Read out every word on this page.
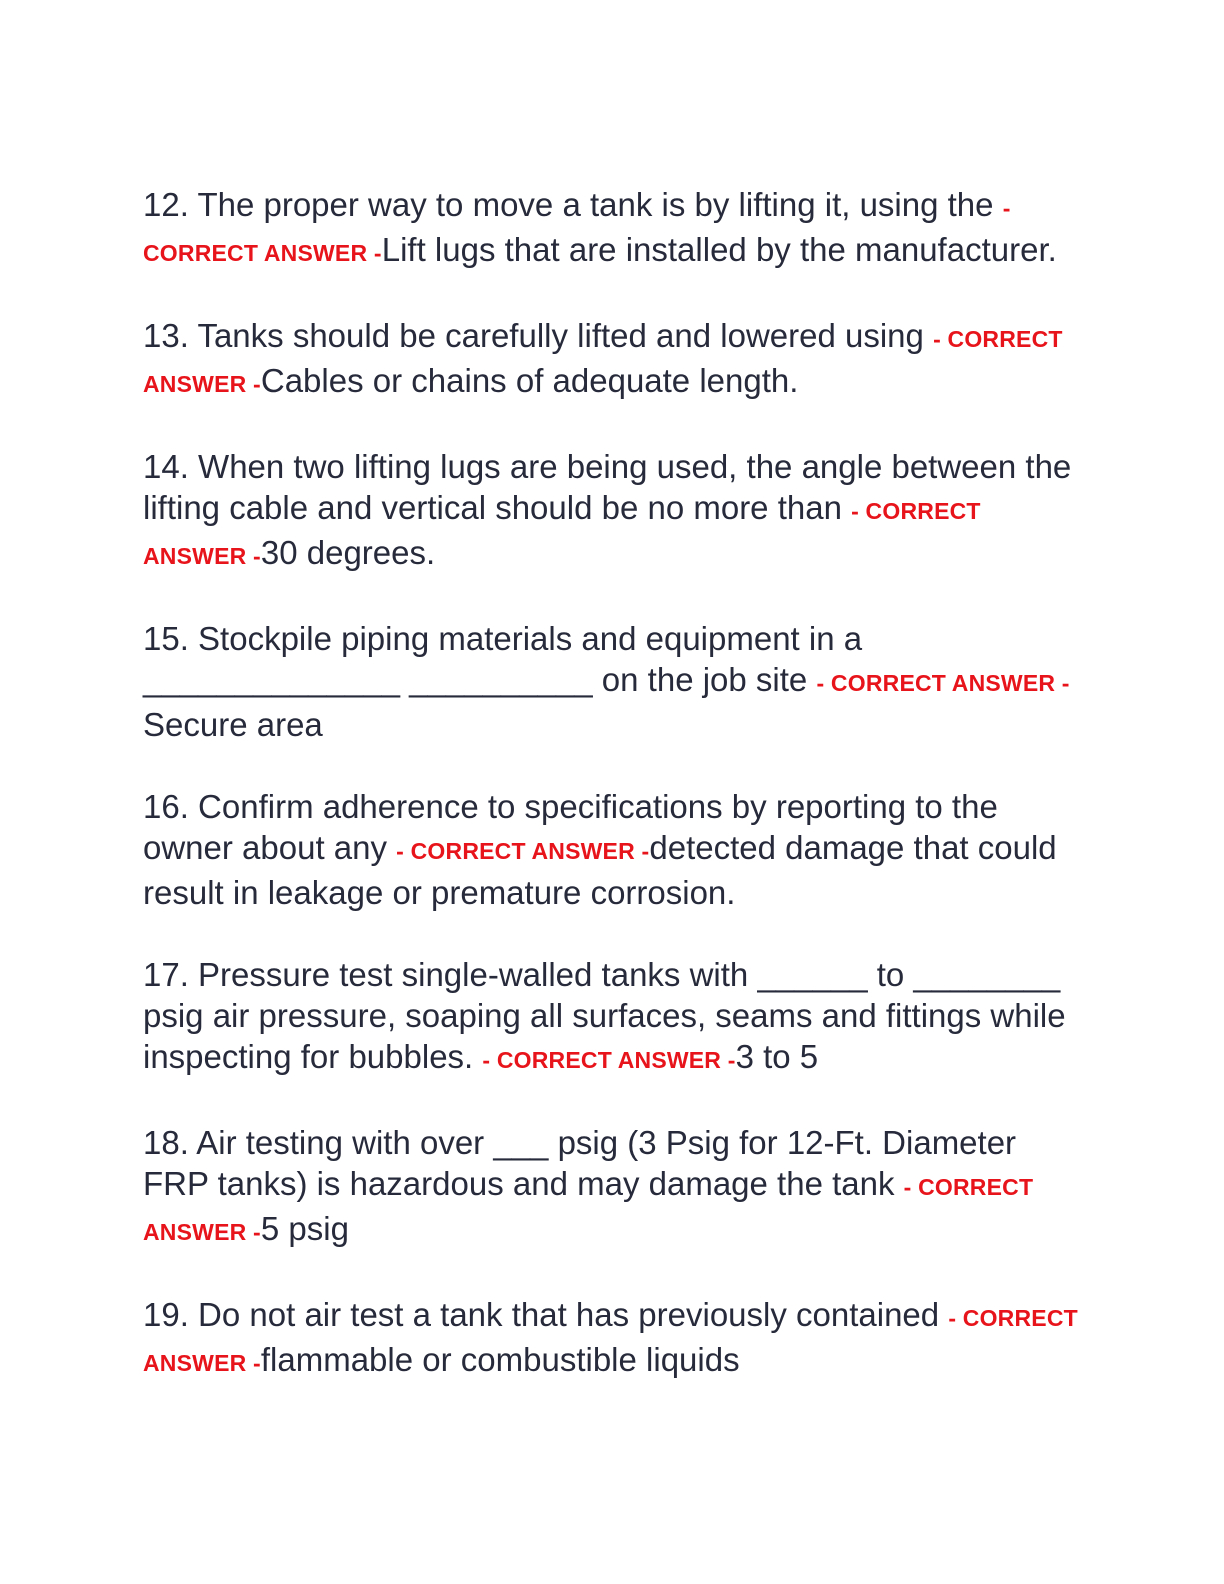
12. The proper way to move a tank is by lifting it, using the - CORRECT ANSWER -Lift lugs that are installed by the manufacturer.

13. Tanks should be carefully lifted and lowered using - CORRECT ANSWER -Cables or chains of adequate length.

14. When two lifting lugs are being used, the angle between the lifting cable and vertical should be no more than - CORRECT ANSWER -30 degrees.

15. Stockpile piping materials and equipment in a ______________ __________ on the job site - CORRECT ANSWER -Secure area

16. Confirm adherence to specifications by reporting to the owner about any - CORRECT ANSWER -detected damage that could result in leakage or premature corrosion.

17. Pressure test single-walled tanks with ______ to ________ psig air pressure, soaping all surfaces, seams and fittings while inspecting for bubbles. - CORRECT ANSWER -3 to 5

18. Air testing with over ___ psig (3 Psig for 12-Ft. Diameter FRP tanks) is hazardous and may damage the tank - CORRECT ANSWER -5 psig

19. Do not air test a tank that has previously contained - CORRECT ANSWER -flammable or combustible liquids
